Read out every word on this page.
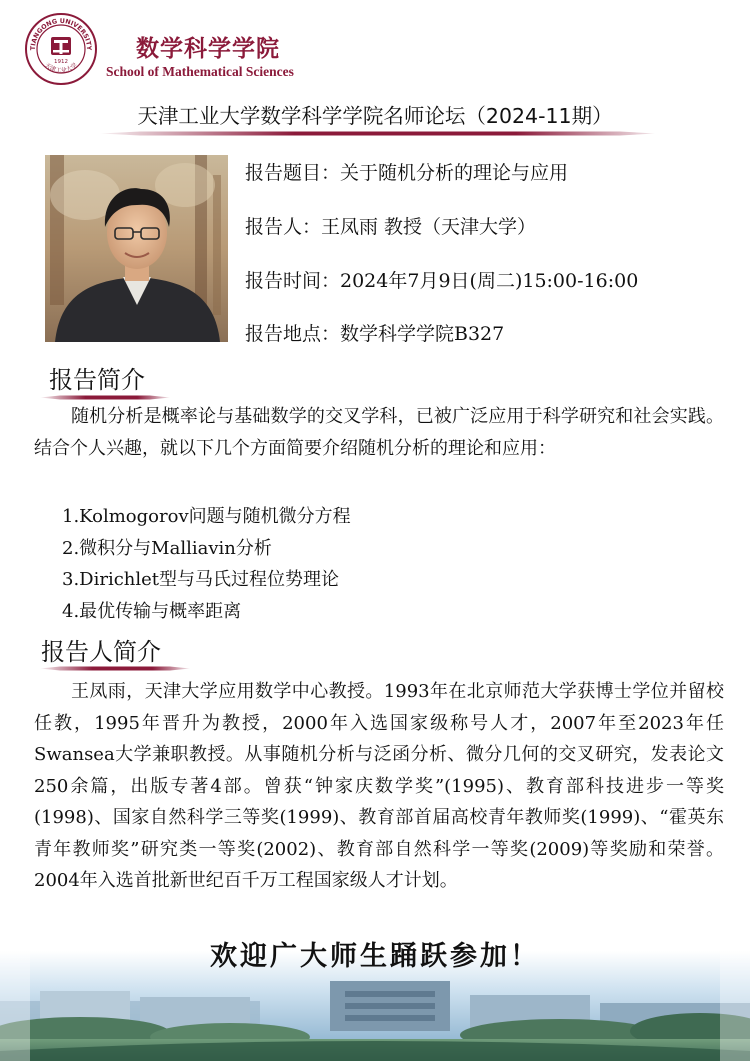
TIANGONG UNIVERSITY
天津工业大学
1912	数学科学学院
School of Mathematical Sciences
天津工业大学数学科学学院名师论坛（2024-11期）
报告题目：关于随机分析的理论与应用
报告人：王凤雨 教授（天津大学）
报告时间：2024年7月9日(周二)15:00-16:00
报告地点：数学科学学院B327
报告简介
随机分析是概率论与基础数学的交叉学科，已被广泛应用于科学研究和社会实践。结合个人兴趣，就以下几个方面简要介绍随机分析的理论和应用：
1.Kolmogorov问题与随机微分方程
2.微积分与Malliavin分析
3.Dirichlet型与马氏过程位势理论
4.最优传输与概率距离
报告人简介
王凤雨，天津大学应用数学中心教授。1993年在北京师范大学获博士学位并留校任教，1995年晋升为教授，2000年入选国家级称号人才，2007年至2023年任Swansea大学兼职教授。从事随机分析与泛函分析、微分几何的交叉研究，发表论文250余篇，出版专著4部。曾获“钟家庆数学奖”(1995)、教育部科技进步一等奖(1998)、国家自然科学三等奖(1999)、教育部首届高校青年教师奖(1999)、“霍英东青年教师奖”研究类一等奖(2002)、教育部自然科学一等奖(2009)等奖励和荣誉。2004年入选首批新世纪百千万工程国家级人才计划。
欢迎广大师生踊跃参加！
